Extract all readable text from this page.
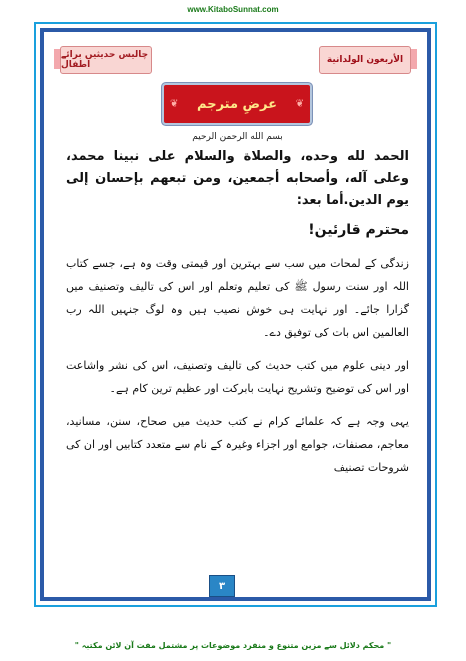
www.KitaboSunnat.com
چالیس حدیثیں برائے اطفال	الأربعون الولدانية
❦ عرضِ مترجم ❦
بسم الله الرحمن الرحيم

الحمد لله وحده، والصلاة والسلام على نبينا محمد، وعلى آله، وأصحابه أجمعين، ومن تبعهم بإحسان إلى يوم الدين.أما بعد:

محترم قارئین!

زندگی کے لمحات میں سب سے بہترین اور قیمتی وقت وہ ہے، جسے کتاب اللہ اور سنت رسول ﷺ کی تعلیم وتعلم اور اس کی تالیف وتصنیف میں گزارا جائے۔ اور نہایت ہی خوش نصیب ہیں وہ لوگ جنہیں اللہ رب العالمین اس بات کی توفیق دے۔

اور دینی علوم میں کتب حدیث کی تالیف وتصنیف، اس کی نشر واشاعت اور اس کی توضیح وتشریح نہایت بابرکت اور عظیم ترین کام ہے۔

یہی وجہ ہے کہ علمائے کرام نے کتب حدیث میں صحاح، سنن، مسانید، معاجم، مصنفات، جوامع اور اجزاء وغیرہ کے نام سے متعدد کتابیں اور ان کی شروحات تصنیف

٣
" محکم دلائل سے مزین متنوع و منفرد موضوعات پر مشتمل مفت آن لائن مکتبہ "
